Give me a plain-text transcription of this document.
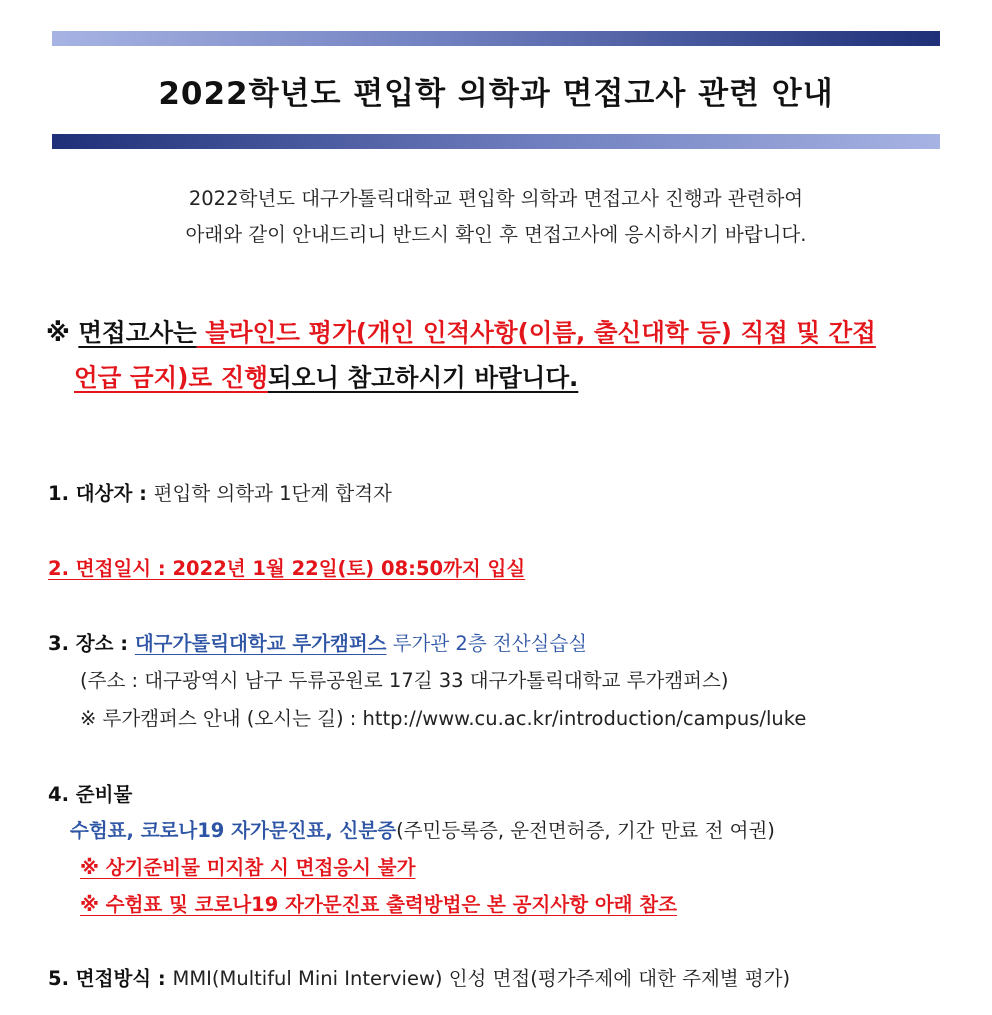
2022학년도 편입학 의학과 면접고사 관련 안내
2022학년도 대구가톨릭대학교 편입학 의학과 면접고사 진행과 관련하여
아래와 같이 안내드리니 반드시 확인 후 면접고사에 응시하시기 바랍니다.
※ 면접고사는 블라인드 평가(개인 인적사항(이름, 출신대학 등) 직접 및 간접
언급 금지)로 진행되오니 참고하시기 바랍니다.
1. 대상자 : 편입학 의학과 1단계 합격자
2. 면접일시 : 2022년 1월 22일(토) 08:50까지 입실
3. 장소 : 대구가톨릭대학교 루가캠퍼스 루가관 2층 전산실습실
(주소 : 대구광역시 남구 두류공원로 17길 33 대구가톨릭대학교 루가캠퍼스)
※ 루가캠퍼스 안내 (오시는 길) : http://www.cu.ac.kr/introduction/campus/luke
4. 준비물
수험표, 코로나19 자가문진표, 신분증(주민등록증, 운전면허증, 기간 만료 전 여권)
※ 상기준비물 미지참 시 면접응시 불가
※ 수험표 및 코로나19 자가문진표 출력방법은 본 공지사항 아래 참조
5. 면접방식 : MMI(Multiful Mini Interview) 인성 면접(평가주제에 대한 주제별 평가)
